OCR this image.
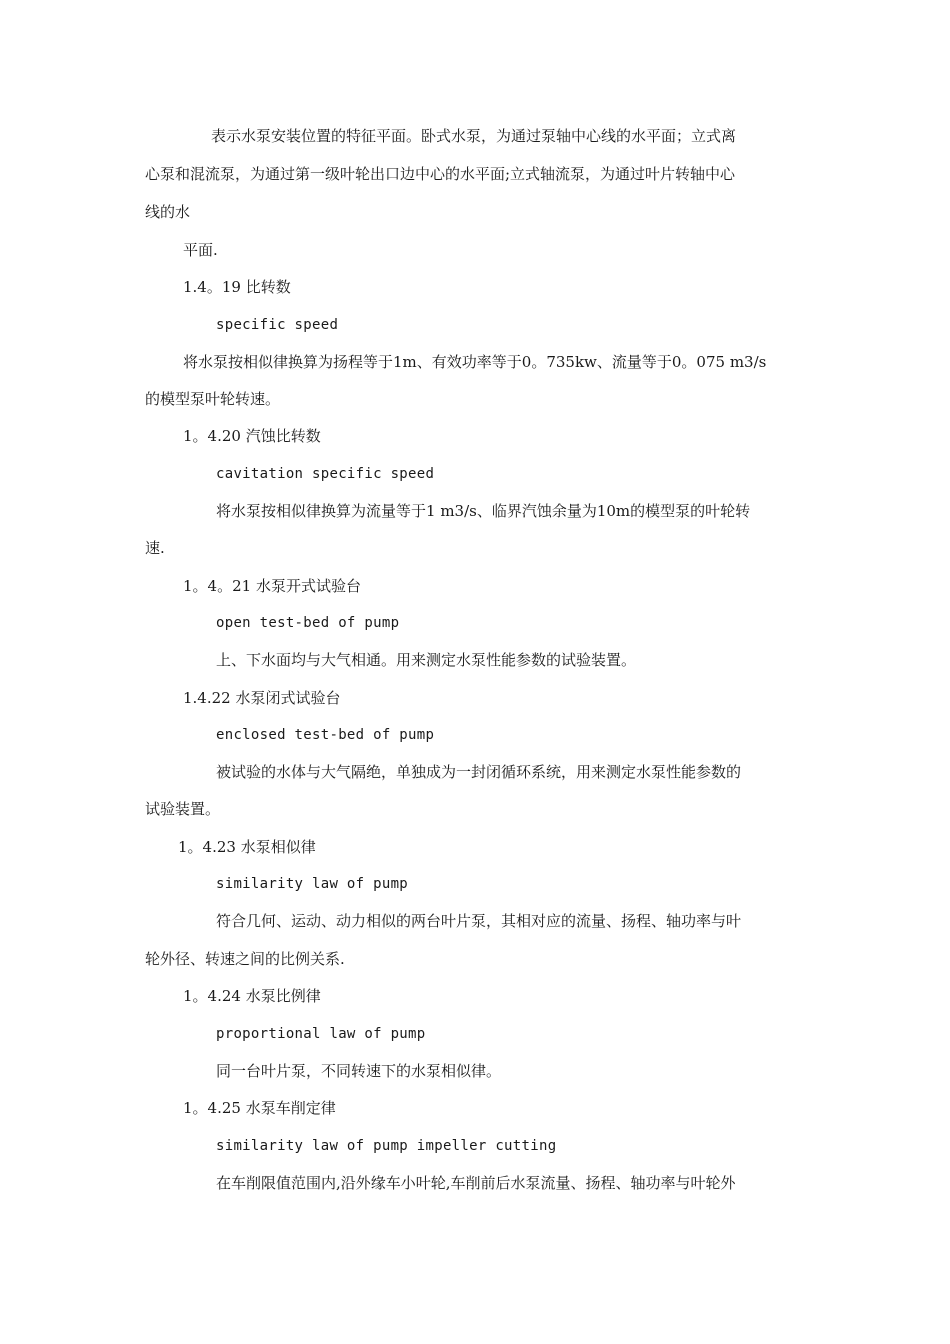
表示水泵安装位置的特征平面。卧式水泵，为通过泵轴中心线的水平面；立式离
心泵和混流泵，为通过第一级叶轮出口边中心的水平面;立式轴流泵，为通过叶片转轴中心
线的水
平面.
1.4。19 比转数
specific speed
将水泵按相似律换算为扬程等于1m、有效功率等于0。735kw、流量等于0。075 m3/s
的模型泵叶轮转速。
1。4.20 汽蚀比转数
cavitation specific speed
将水泵按相似律换算为流量等于1 m3/s、临界汽蚀余量为10m的模型泵的叶轮转
速.
1。4。21 水泵开式试验台
open test-bed of pump
上、下水面均与大气相通。用来测定水泵性能参数的试验装置。
1.4.22 水泵闭式试验台
enclosed test-bed of pump
被试验的水体与大气隔绝，单独成为一封闭循环系统，用来测定水泵性能参数的
试验装置。
1。4.23 水泵相似律
similarity law of pump
符合几何、运动、动力相似的两台叶片泵，其相对应的流量、扬程、轴功率与叶
轮外径、转速之间的比例关系.
1。4.24 水泵比例律
proportional law of pump
同一台叶片泵，不同转速下的水泵相似律。
1。4.25 水泵车削定律
similarity law of pump impeller cutting
在车削限值范围内,沿外缘车小叶轮,车削前后水泵流量、扬程、轴功率与叶轮外
